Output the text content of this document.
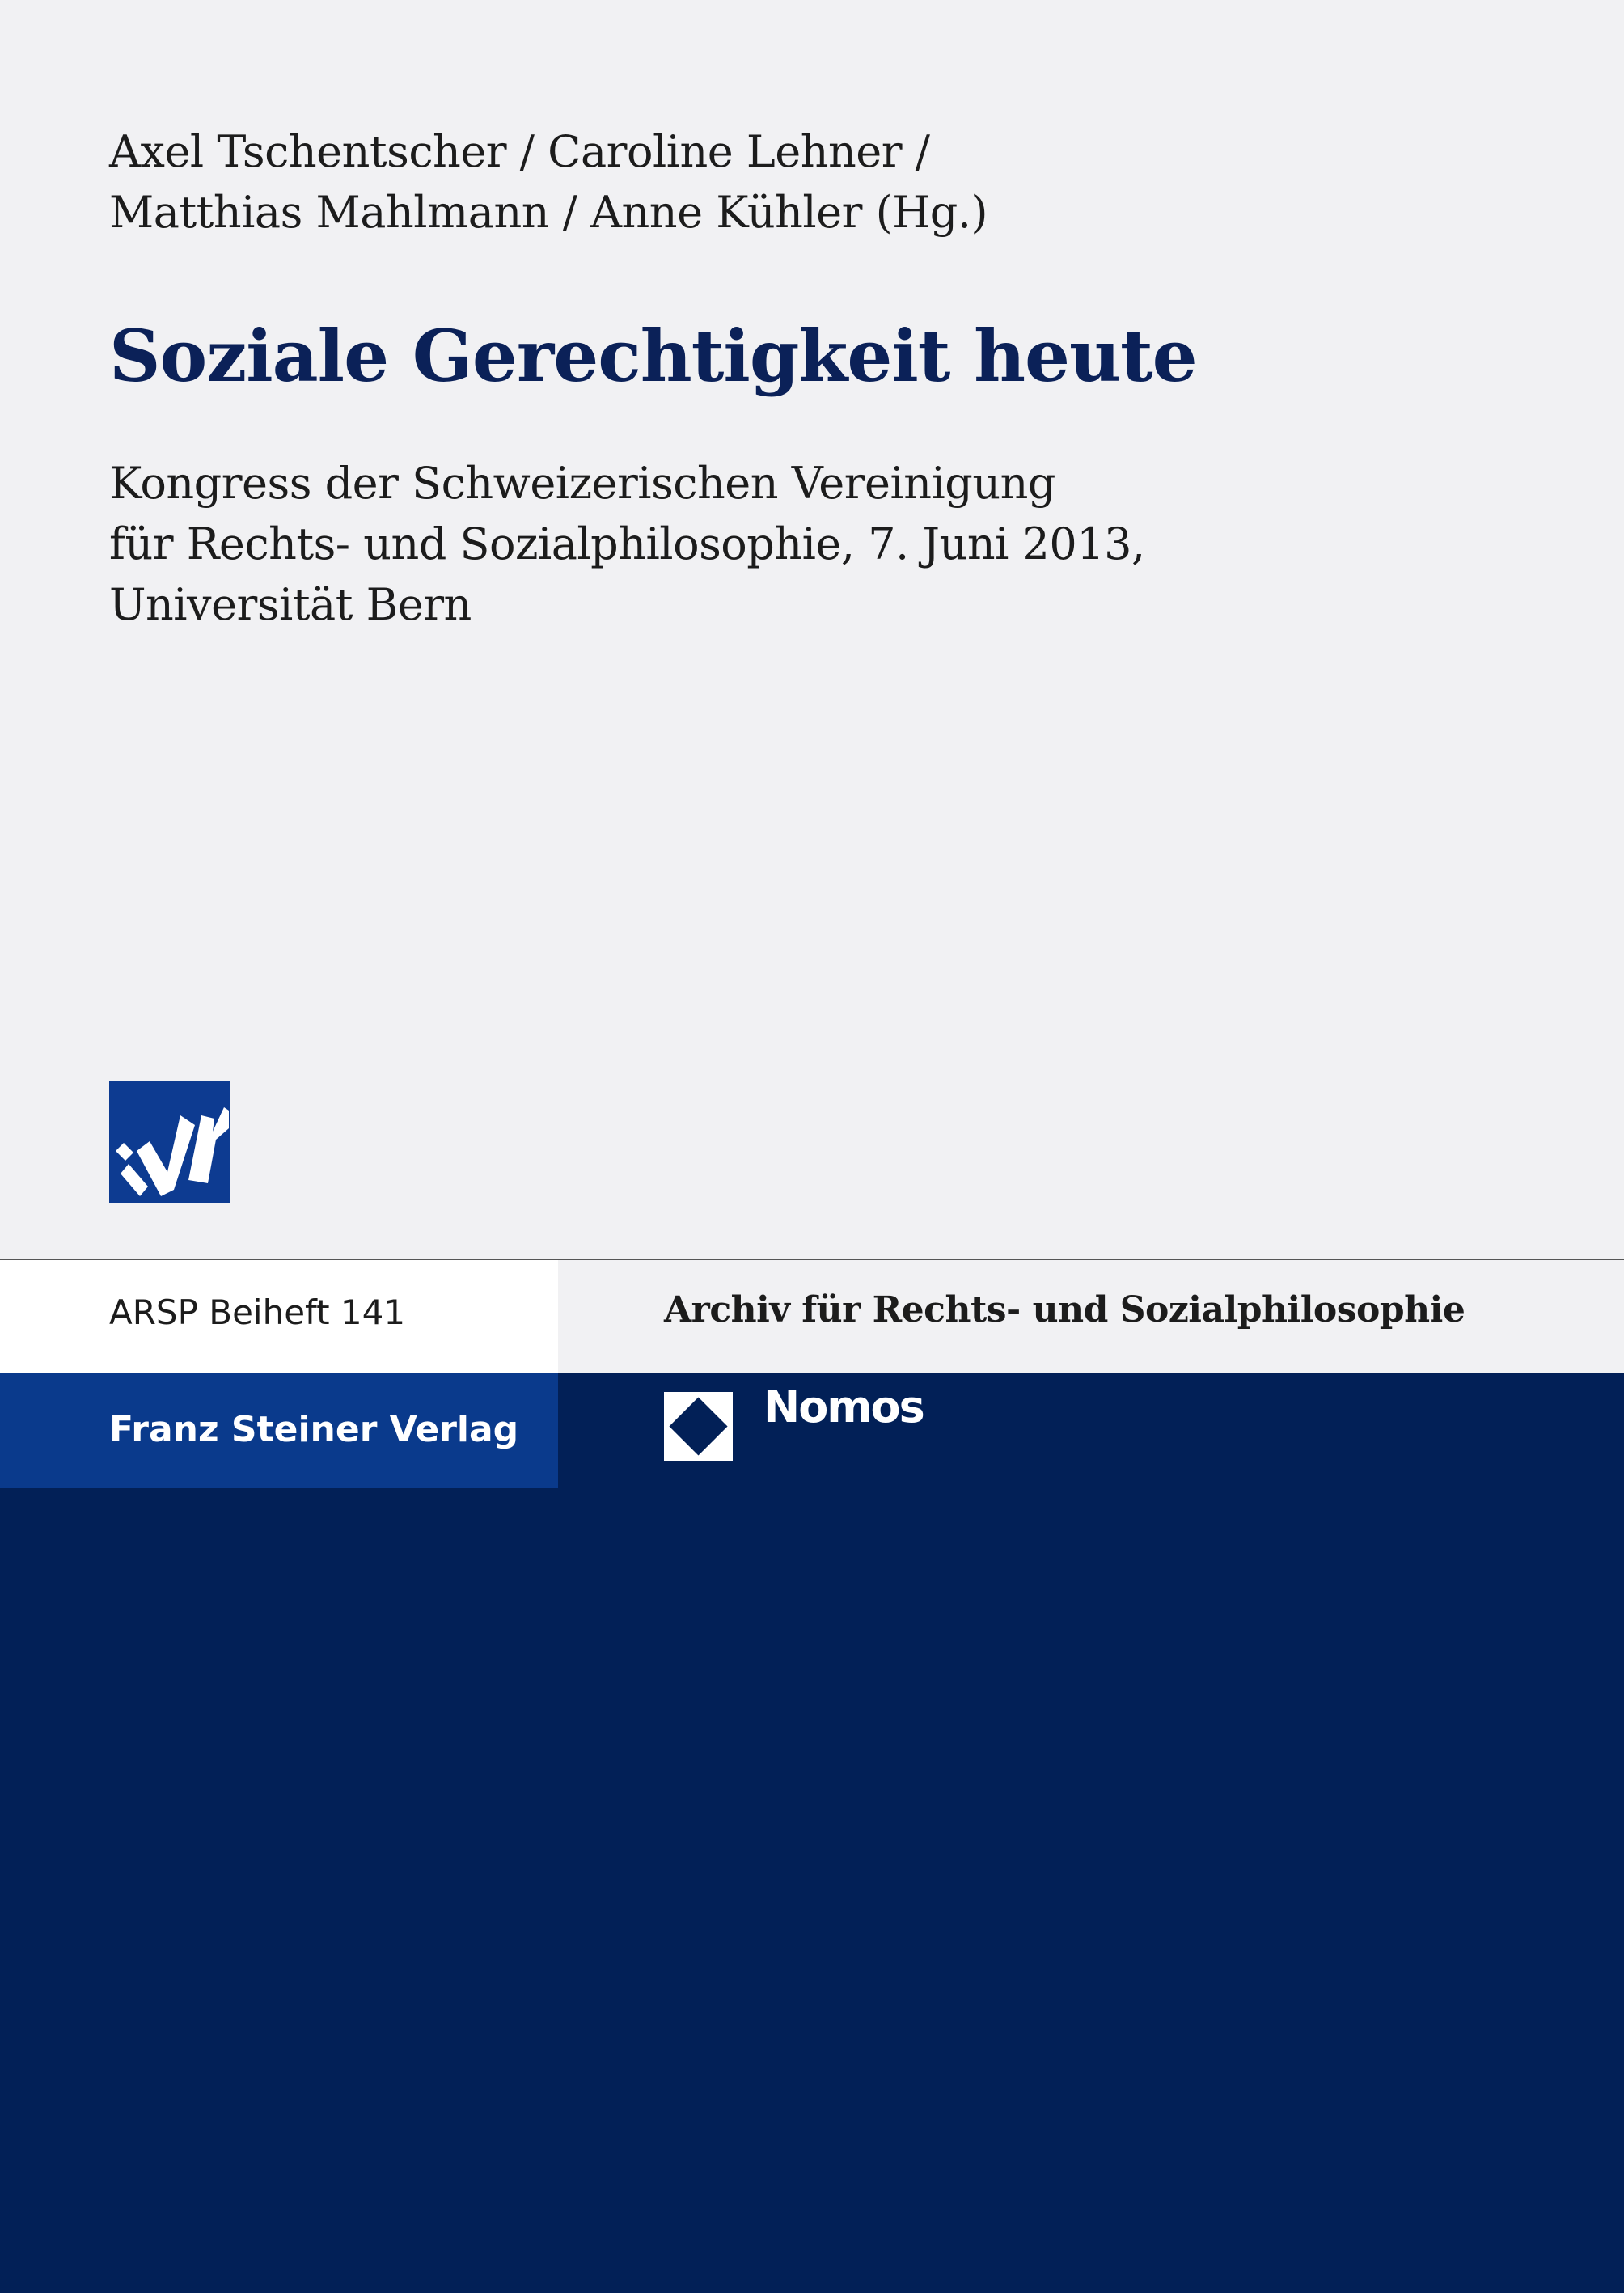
Axel Tschentscher / Caroline Lehner /
Matthias Mahlmann / Anne Kühler (Hg.)
Soziale Gerechtigkeit heute
Kongress der Schweizerischen Vereinigung
für Rechts- und Sozialphilosophie, 7. Juni 2013,
Universität Bern
ARSP Beiheft 141	Archiv für Rechts- und Sozialphilosophie
Franz Steiner Verlag	Nomos
